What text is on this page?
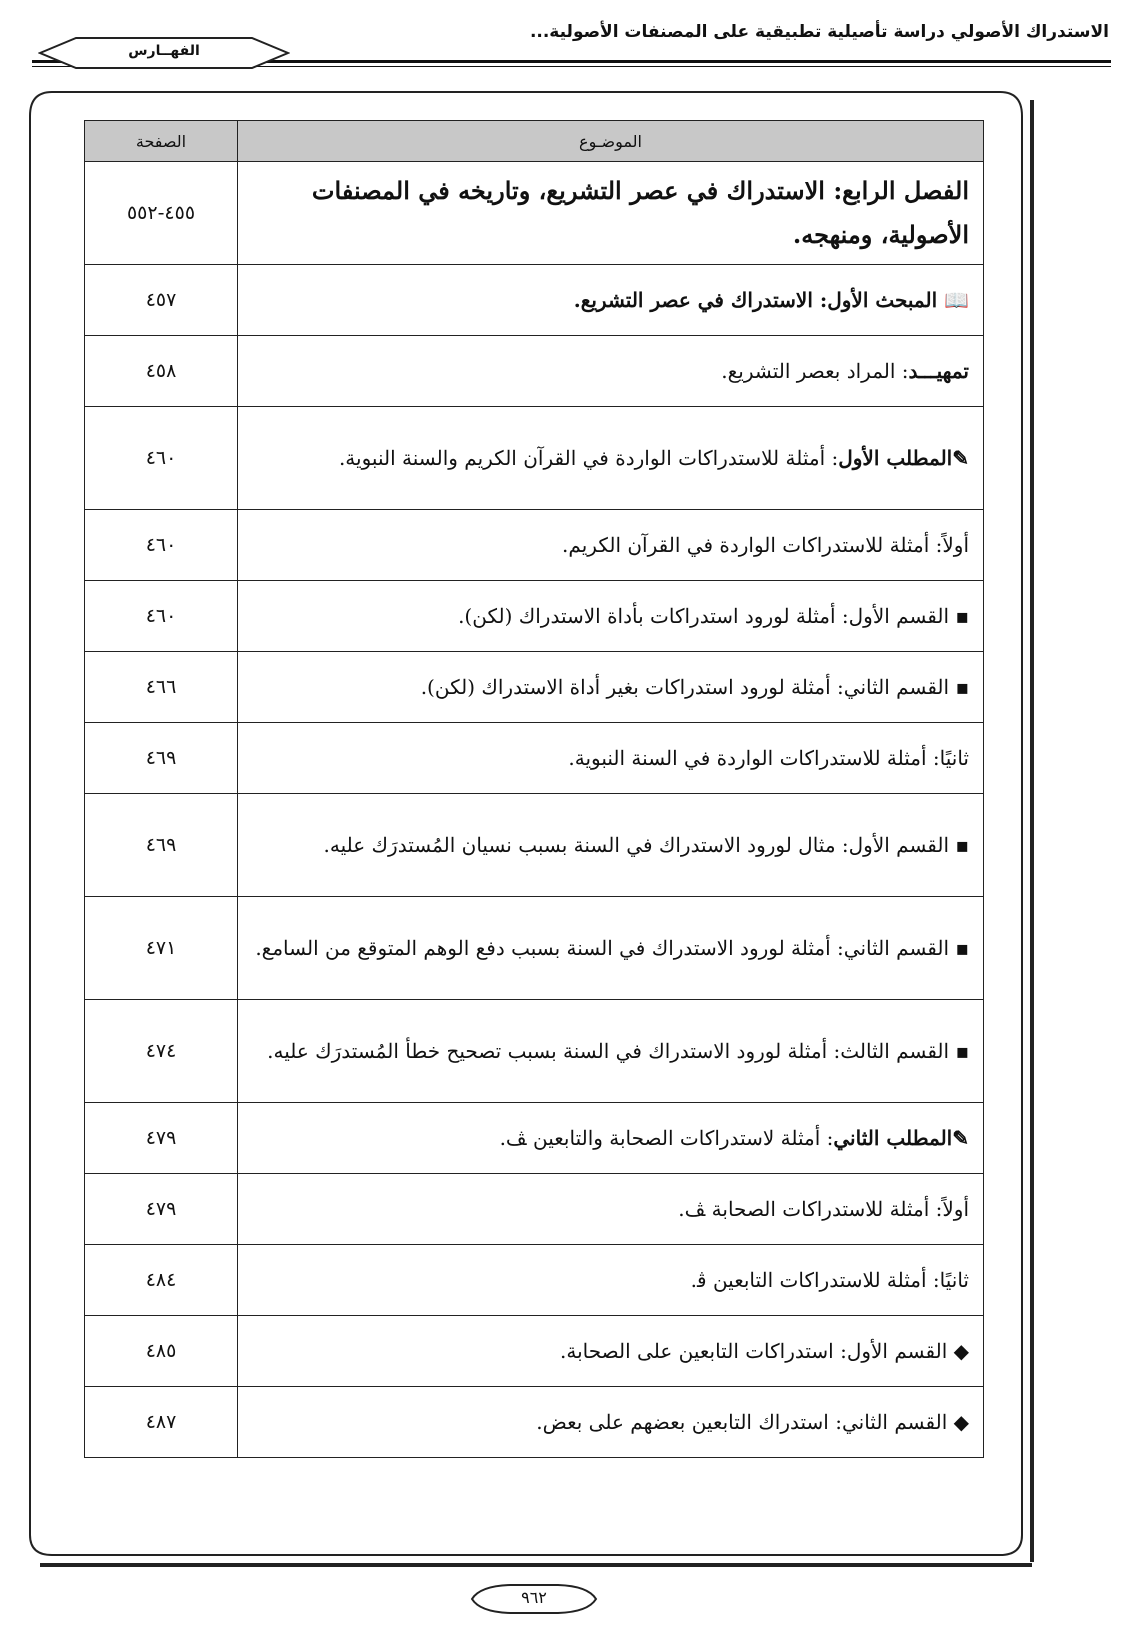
الاستدراك الأصولي دراسة تأصيلية تطبيقية على المصنفات الأصولية...
الفهــارس
الموضـوع	الصفحة
الفصل الرابع: الاستدراك في عصر التشريع، وتاريخه في المصنفات الأصولية، ومنهجه.	٤٥٥-٥٥٢
📖 المبحث الأول: الاستدراك في عصر التشريع.	٤٥٧
تمهيـــد: المراد بعصر التشريع.	٤٥٨
✎المطلب الأول: أمثلة للاستدراكات الواردة في القرآن الكريم والسنة النبوية.	٤٦٠
أولاً: أمثلة للاستدراكات الواردة في القرآن الكريم.	٤٦٠
▪ القسم الأول: أمثلة لورود استدراكات بأداة الاستدراك (لكن).	٤٦٠
▪ القسم الثاني: أمثلة لورود استدراكات بغير أداة الاستدراك (لكن).	٤٦٦
ثانيًا: أمثلة للاستدراكات الواردة في السنة النبوية.	٤٦٩
▪ القسم الأول: مثال لورود الاستدراك في السنة بسبب نسيان المُستدرَك عليه.	٤٦٩
▪ القسم الثاني: أمثلة لورود الاستدراك في السنة بسبب دفع الوهم المتوقع من السامع.	٤٧١
▪ القسم الثالث: أمثلة لورود الاستدراك في السنة بسبب تصحيح خطأ المُستدرَك عليه.	٤٧٤
✎المطلب الثاني: أمثلة لاستدراكات الصحابة والتابعين ﭫ.	٤٧٩
أولاً: أمثلة للاستدراكات الصحابة ﭫ.	٤٧٩
ثانيًا: أمثلة للاستدراكات التابعين ﭬ.	٤٨٤
◆ القسم الأول: استدراكات التابعين على الصحابة.	٤٨٥
◆ القسم الثاني: استدراك التابعين بعضهم على بعض.	٤٨٧
٩٦٢
